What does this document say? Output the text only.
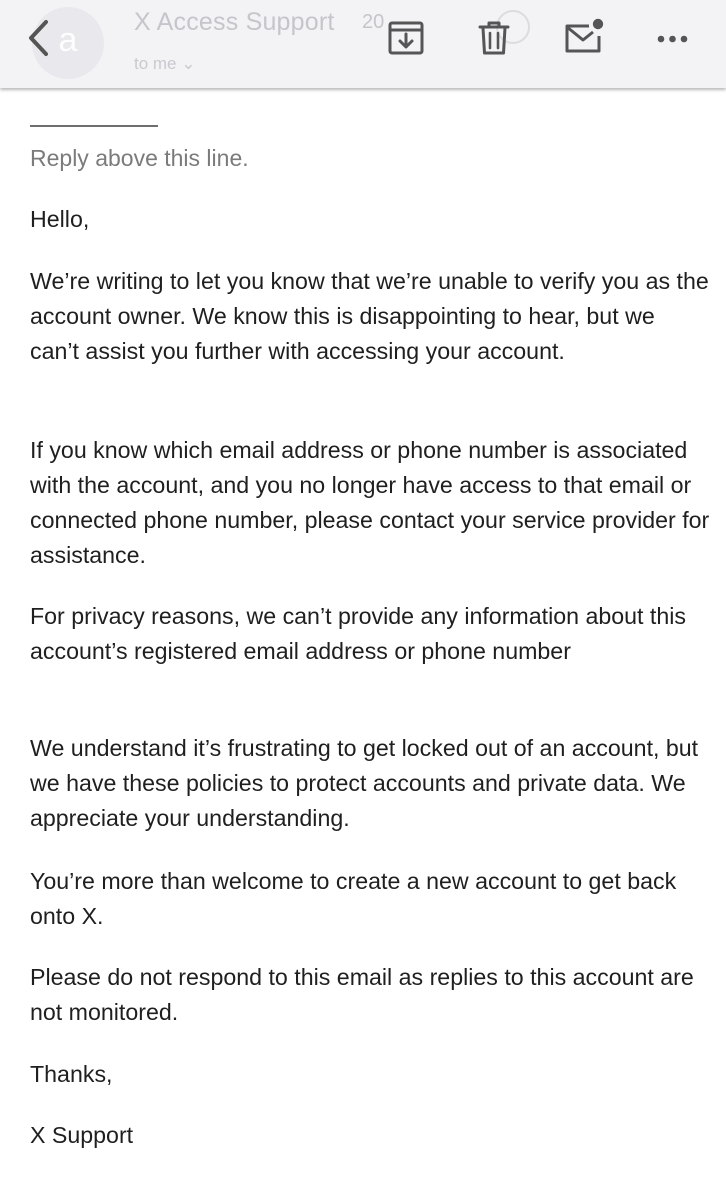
a	X Access Support 20
to me ⌄

Reply above this line.

Hello,

We’re writing to let you know that we’re unable to verify you as the account owner. We know this is disappointing to hear, but we can’t assist you further with accessing your account.

If you know which email address or phone number is associated with the account, and you no longer have access to that email or connected phone number, please contact your service provider for assistance.

For privacy reasons, we can’t provide any information about this account’s registered email address or phone number

We understand it’s frustrating to get locked out of an account, but we have these policies to protect accounts and private data. We appreciate your understanding.

You’re more than welcome to create a new account to get back onto X.

Please do not respond to this email as replies to this account are not monitored.

Thanks,

X Support
